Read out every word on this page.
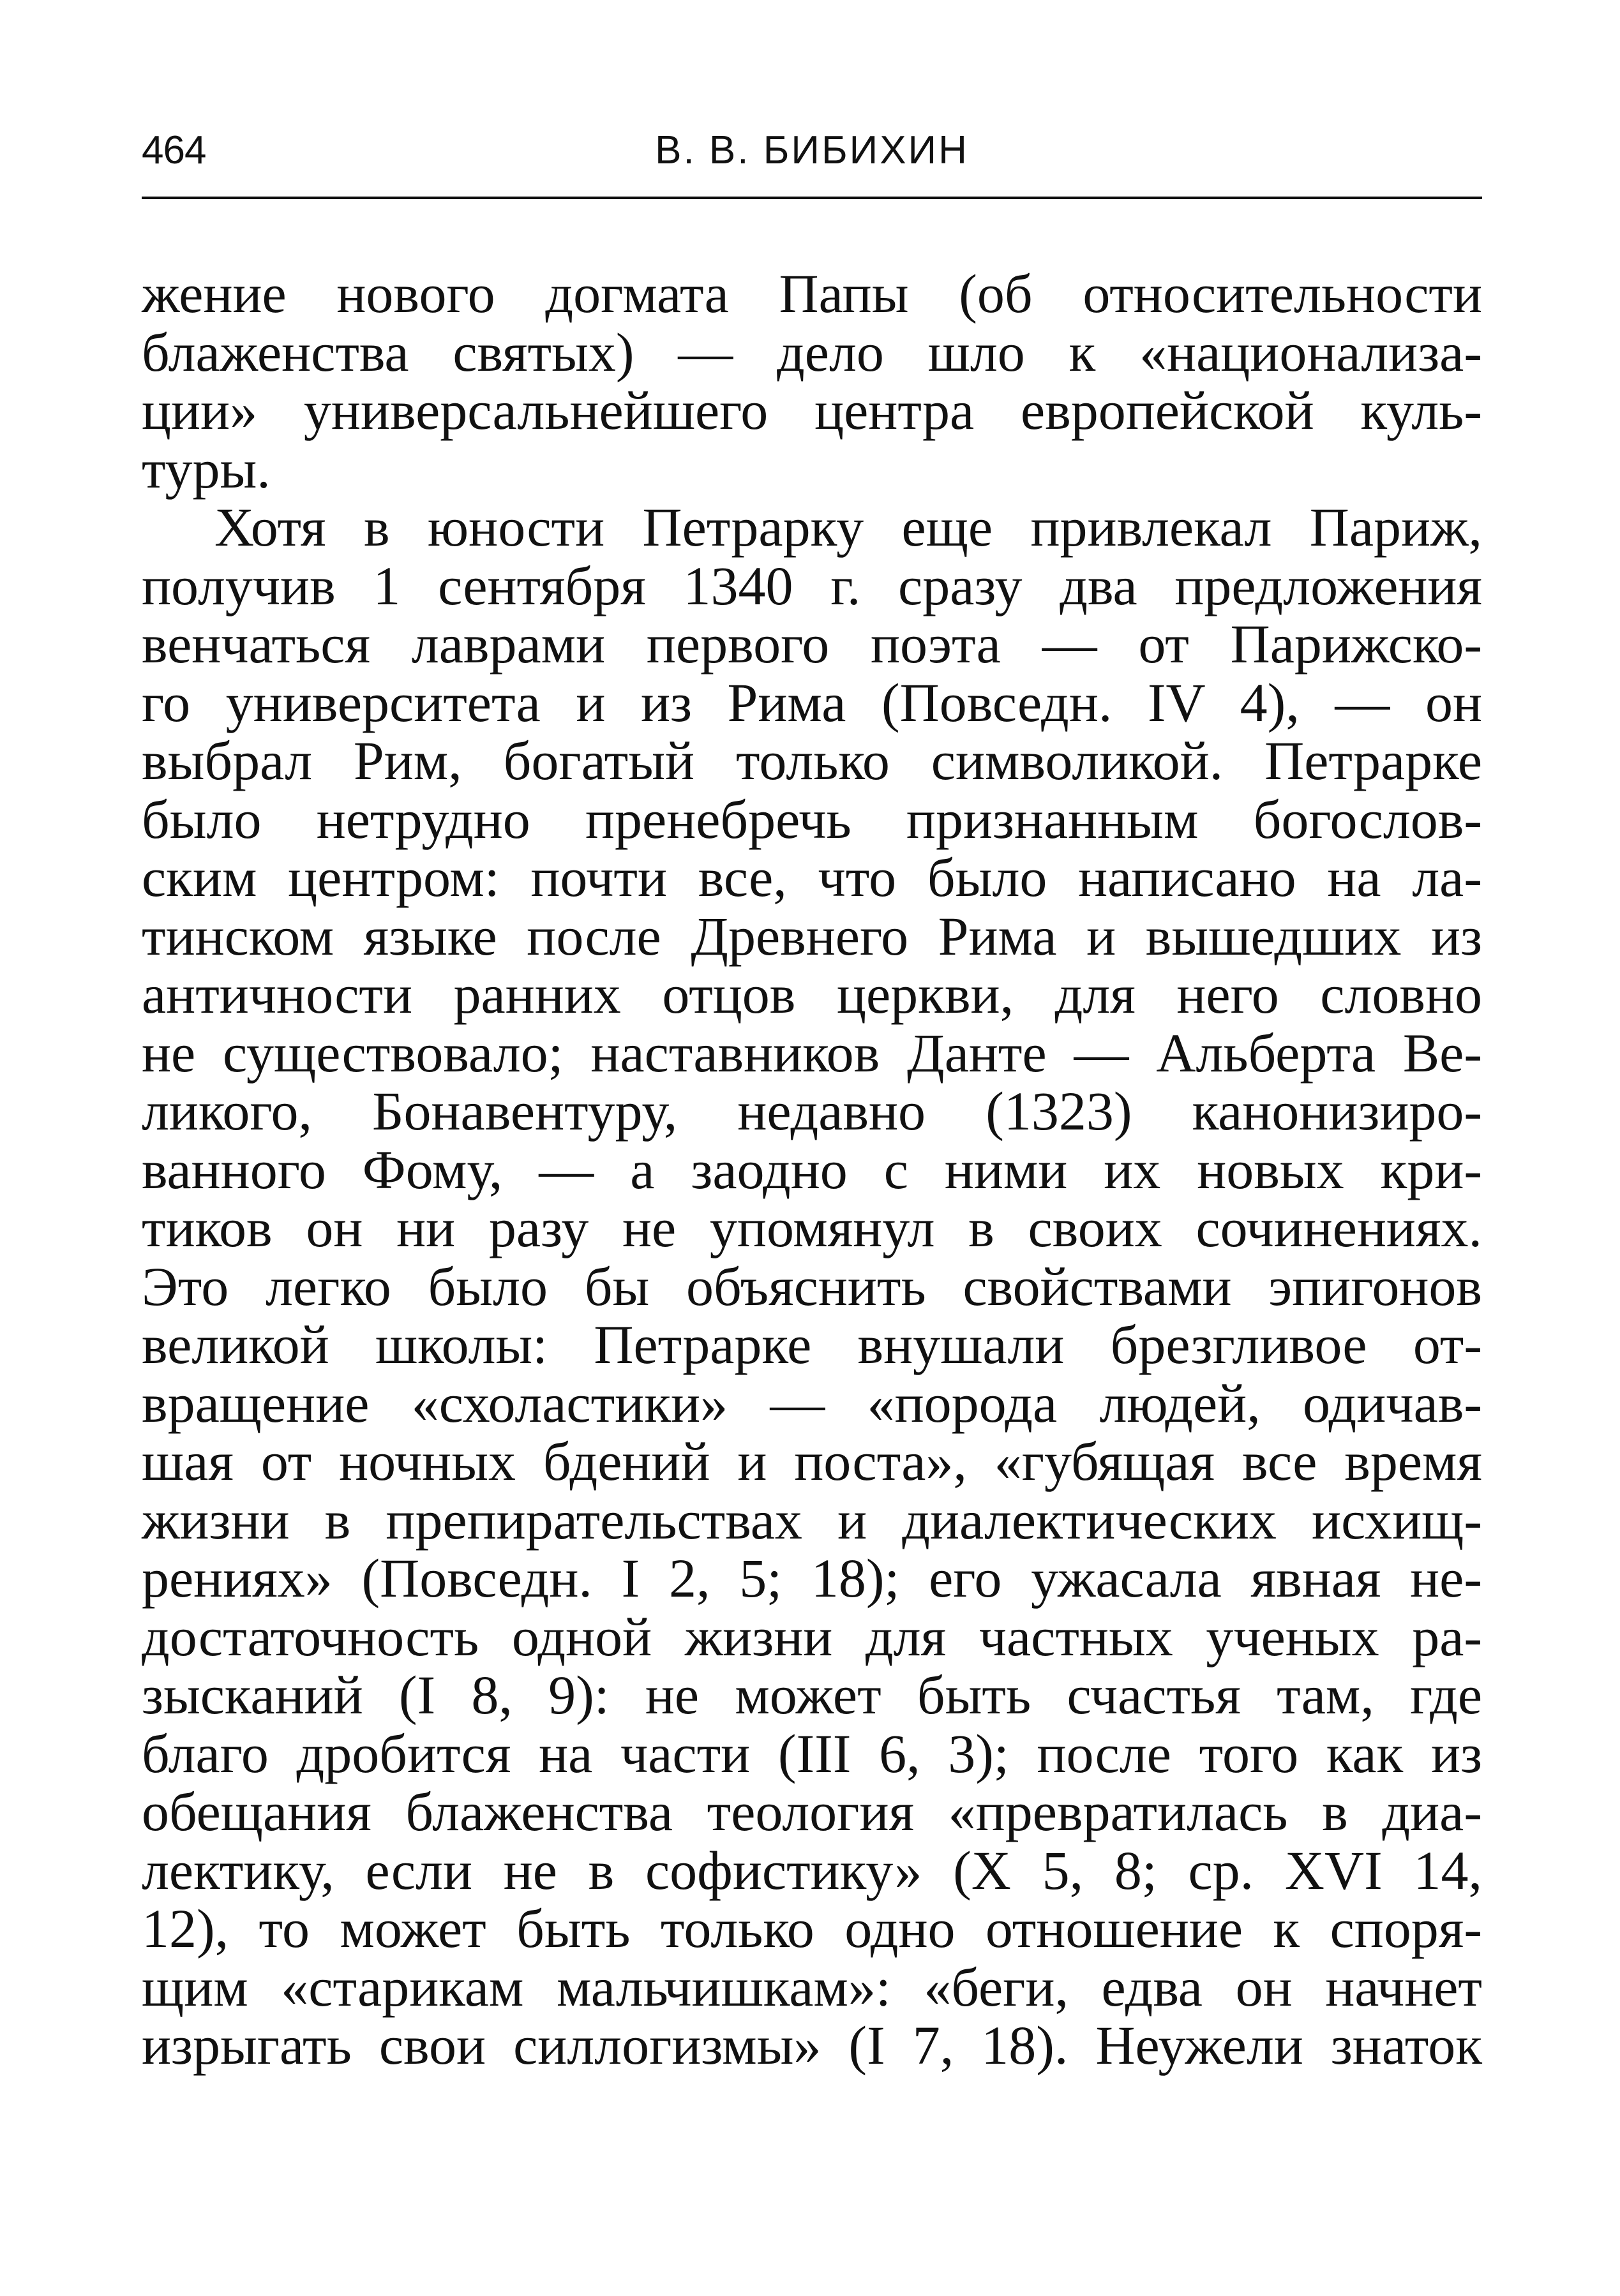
464	В. В. БИБИХИН
жение нового догмата Папы (об относительности
блаженства святых) — дело шло к «национализа-
ции» универсальнейшего центра европейской куль-
туры.
Хотя в юности Петрарку еще привлекал Париж,
получив 1 сентября 1340 г. сразу два предложения
венчаться лаврами первого поэта — от Парижско-
го университета и из Рима (Повседн. IV 4), — он
выбрал Рим, богатый только символикой. Петрарке
было нетрудно пренебречь признанным богослов-
ским центром: почти все, что было написано на ла-
тинском языке после Древнего Рима и вышедших из
античности ранних отцов церкви, для него словно
не существовало; наставников Данте — Альберта Ве-
ликого, Бонавентуру, недавно (1323) канонизиро-
ванного Фому, — а заодно с ними их новых кри-
тиков он ни разу не упомянул в своих сочинениях.
Это легко было бы объяснить свойствами эпигонов
великой школы: Петрарке внушали брезгливое от-
вращение «схоластики» — «порода людей, одичав-
шая от ночных бдений и поста», «губящая все время
жизни в препирательствах и диалектических исхищ-
рениях» (Повседн. I 2, 5; 18); его ужасала явная не-
достаточность одной жизни для частных ученых ра-
зысканий (I 8, 9): не может быть счастья там, где
благо дробится на части (III 6, 3); после того как из
обещания блаженства теология «превратилась в диа-
лектику, если не в софистику» (X 5, 8; ср. XVI 14,
12), то может быть только одно отношение к споря-
щим «старикам мальчишкам»: «беги, едва он начнет
изрыгать свои силлогизмы» (I 7, 18). Неужели знаток
